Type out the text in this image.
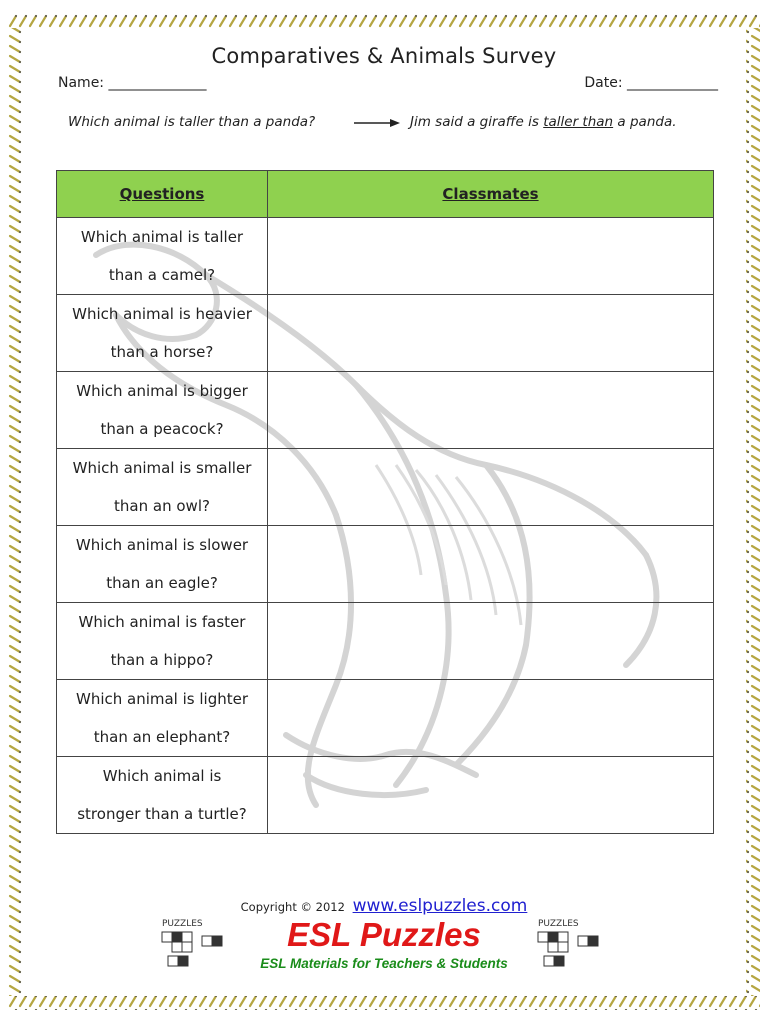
Comparatives & Animals Survey
Name: ______________	Date: _____________
Which animal is taller than a panda?	Jim said a giraffe is taller than a panda.
Questions	Classmates
Which animal is taller
than a camel?	
Which animal is heavier
than a horse?	
Which animal is bigger
than a peacock?	
Which animal is smaller
than an owl?	
Which animal is slower
than an eagle?	
Which animal is faster
than a hippo?	
Which animal is lighter
than an elephant?	
Which animal is
stronger than a turtle?	
Copyright © 2012 www.eslpuzzles.com
PUZZLES	PUZZLES
ESL Puzzles
ESL Materials for Teachers & Students
